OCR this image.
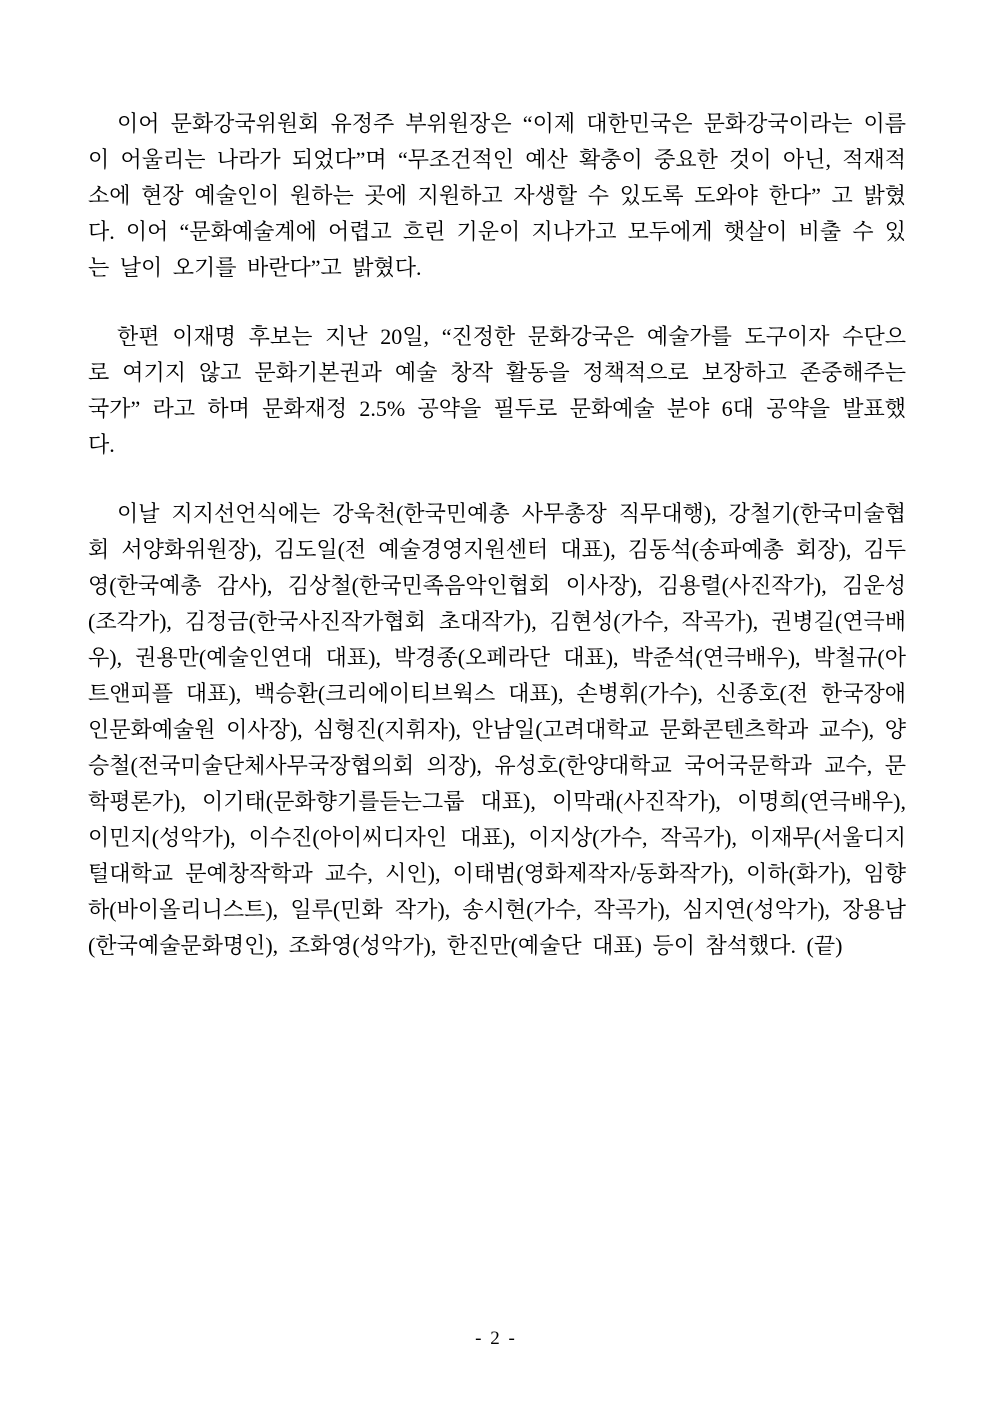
이어 문화강국위원회 유정주 부위원장은 “이제 대한민국은 문화강국이라는 이름이 어울리는 나라가 되었다”며 “무조건적인 예산 확충이 중요한 것이 아닌, 적재적소에 현장 예술인이 원하는 곳에 지원하고 자생할 수 있도록 도와야 한다” 고 밝혔다. 이어 “문화예술계에 어렵고 흐린 기운이 지나가고 모두에게 햇살이 비출 수 있는 날이 오기를 바란다”고 밝혔다.

한편 이재명 후보는 지난 20일, “진정한 문화강국은 예술가를 도구이자 수단으로 여기지 않고 문화기본권과 예술 창작 활동을 정책적으로 보장하고 존중해주는 국가” 라고 하며 문화재정 2.5% 공약을 필두로 문화예술 분야 6대 공약을 발표했다.

이날 지지선언식에는 강욱천(한국민예총 사무총장 직무대행), 강철기(한국미술협회 서양화위원장), 김도일(전 예술경영지원센터 대표), 김동석(송파예총 회장), 김두영(한국예총 감사), 김상철(한국민족음악인협회 이사장), 김용렬(사진작가), 김운성(조각가), 김정금(한국사진작가협회 초대작가), 김현성(가수, 작곡가), 권병길(연극배우), 권용만(예술인연대 대표), 박경종(오페라단 대표), 박준석(연극배우), 박철규(아트앤피플 대표), 백승환(크리에이티브웍스 대표), 손병휘(가수), 신종호(전 한국장애인문화예술원 이사장), 심형진(지휘자), 안남일(고려대학교 문화콘텐츠학과 교수), 양승철(전국미술단체사무국장협의회 의장), 유성호(한양대학교 국어국문학과 교수, 문학평론가), 이기태(문화향기를듣는그룹 대표), 이막래(사진작가), 이명희(연극배우), 이민지(성악가), 이수진(아이씨디자인 대표), 이지상(가수, 작곡가), 이재무(서울디지털대학교 문예창작학과 교수, 시인), 이태범(영화제작자/동화작가), 이하(화가), 임향하(바이올리니스트), 일루(민화 작가), 송시현(가수, 작곡가), 심지연(성악가), 장용남(한국예술문화명인), 조화영(성악가), 한진만(예술단 대표) 등이 참석했다. (끝)

- 2 -
